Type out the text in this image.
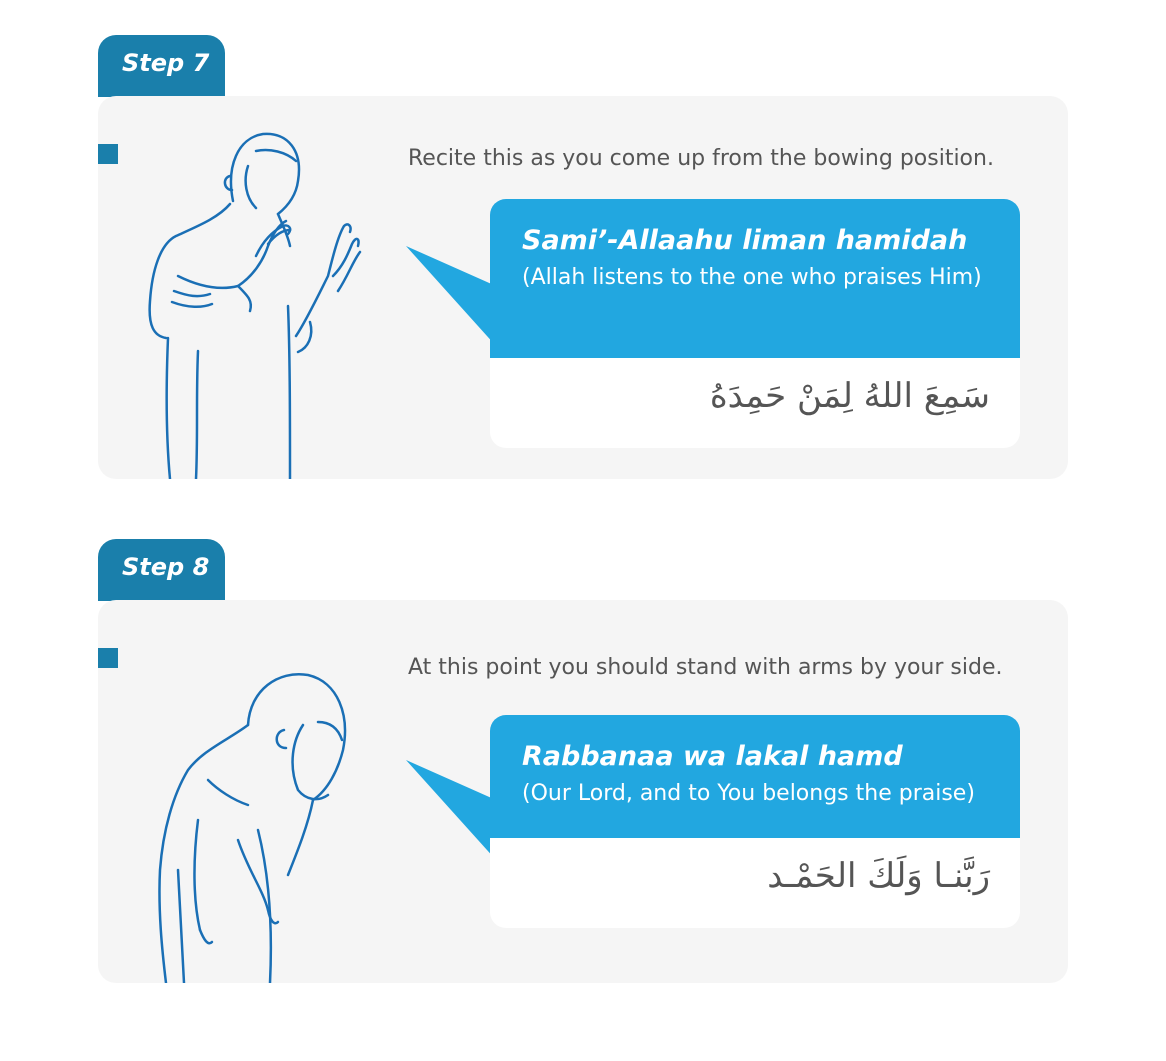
Step 7
Recite this as you come up from the bowing position.
Sami’-Allaahu liman hamidah
(Allah listens to the one who praises Him)
سَمِعَ اللهُ لِمَنْ حَمِدَهُ
Step 8
At this point you should stand with arms by your side.
Rabbanaa wa lakal hamd
(Our Lord, and to You belongs the praise)
رَبَّنـا وَلَكَ الحَمْـد
